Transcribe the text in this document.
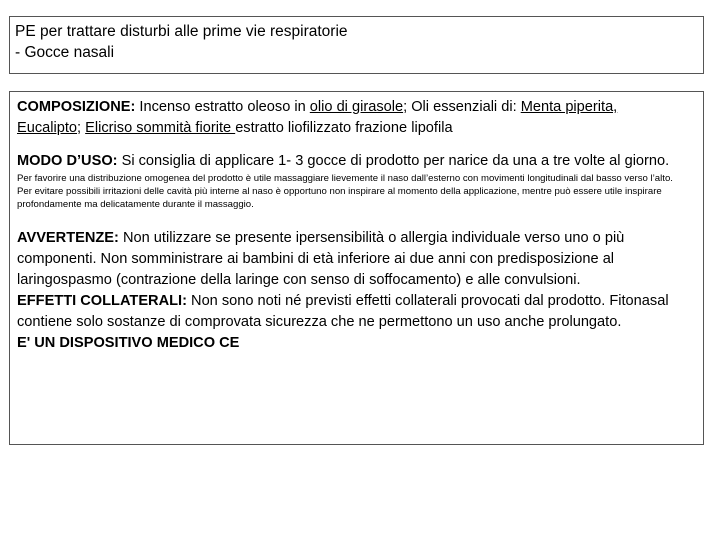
PE per trattare disturbi alle prime vie respiratorie
- Gocce nasali
COMPOSIZIONE: Incenso estratto oleoso in olio di girasole; Oli essenziali di: Menta piperita,
Eucalipto; Elicriso sommità fiorite estratto liofilizzato frazione lipofila
MODO D’USO: Si consiglia di applicare 1- 3 gocce di prodotto per narice da una a tre volte al giorno.
Per favorire una distribuzione omogenea del prodotto è utile massaggiare lievemente il naso dall’esterno con movimenti longitudinali dal basso verso l’alto.
Per evitare possibili irritazioni delle cavità più interne al naso è opportuno non inspirare al momento della applicazione, mentre può essere utile inspirare profondamente ma delicatamente durante il massaggio.
AVVERTENZE: Non utilizzare se presente ipersensibilità o allergia individuale verso uno o più componenti. Non somministrare ai bambini di età inferiore ai due anni con predisposizione al laringospasmo (contrazione della laringe con senso di soffocamento) e alle convulsioni.
EFFETTI COLLATERALI: Non sono noti né previsti effetti collaterali provocati dal prodotto. Fitonasal contiene solo sostanze di comprovata sicurezza che ne permettono un uso anche prolungato.
E' UN DISPOSITIVO MEDICO CE
